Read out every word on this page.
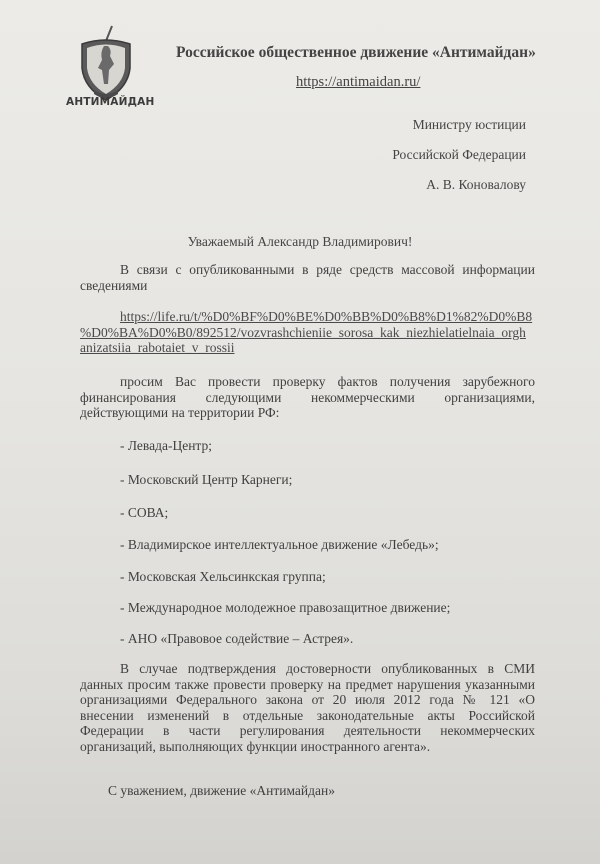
АНТИМАЙДАН
Российское общественное движение «Антимайдан»
https://antimaidan.ru/
Министру юстиции
Российской Федерации
А. В. Коновалову
Уважаемый Александр Владимирович!
В связи с опубликованными в ряде средств массовой информации
сведениями
https://life.ru/t/%D0%BF%D0%BE%D0%BB%D0%B8%D1%82%D0%B8
%D0%BA%D0%B0/892512/vozvrashchieniie_sorosa_kak_niezhielatielnaia_orgh
anizatsiia_rabotaiet_v_rossii
просим Вас провести проверку фактов получения зарубежного
финансирования следующими некоммерческими организациями,
действующими на территории РФ:
- Левада-Центр;
- Московский Центр Карнеги;
- СОВА;
- Владимирское интеллектуальное движение «Лебедь»;
- Московская Хельсинкская группа;
- Международное молодежное правозащитное движение;
- АНО «Правовое содействие – Астрея».
В случае подтверждения достоверности опубликованных в СМИ
данных просим также провести проверку на предмет нарушения указанными
организациями Федерального закона от 20 июля 2012 года № 121 «О
внесении изменений в отдельные законодательные акты Российской
Федерации в части регулирования деятельности некоммерческих
организаций, выполняющих функции иностранного агента».
С уважением, движение «Антимайдан»
